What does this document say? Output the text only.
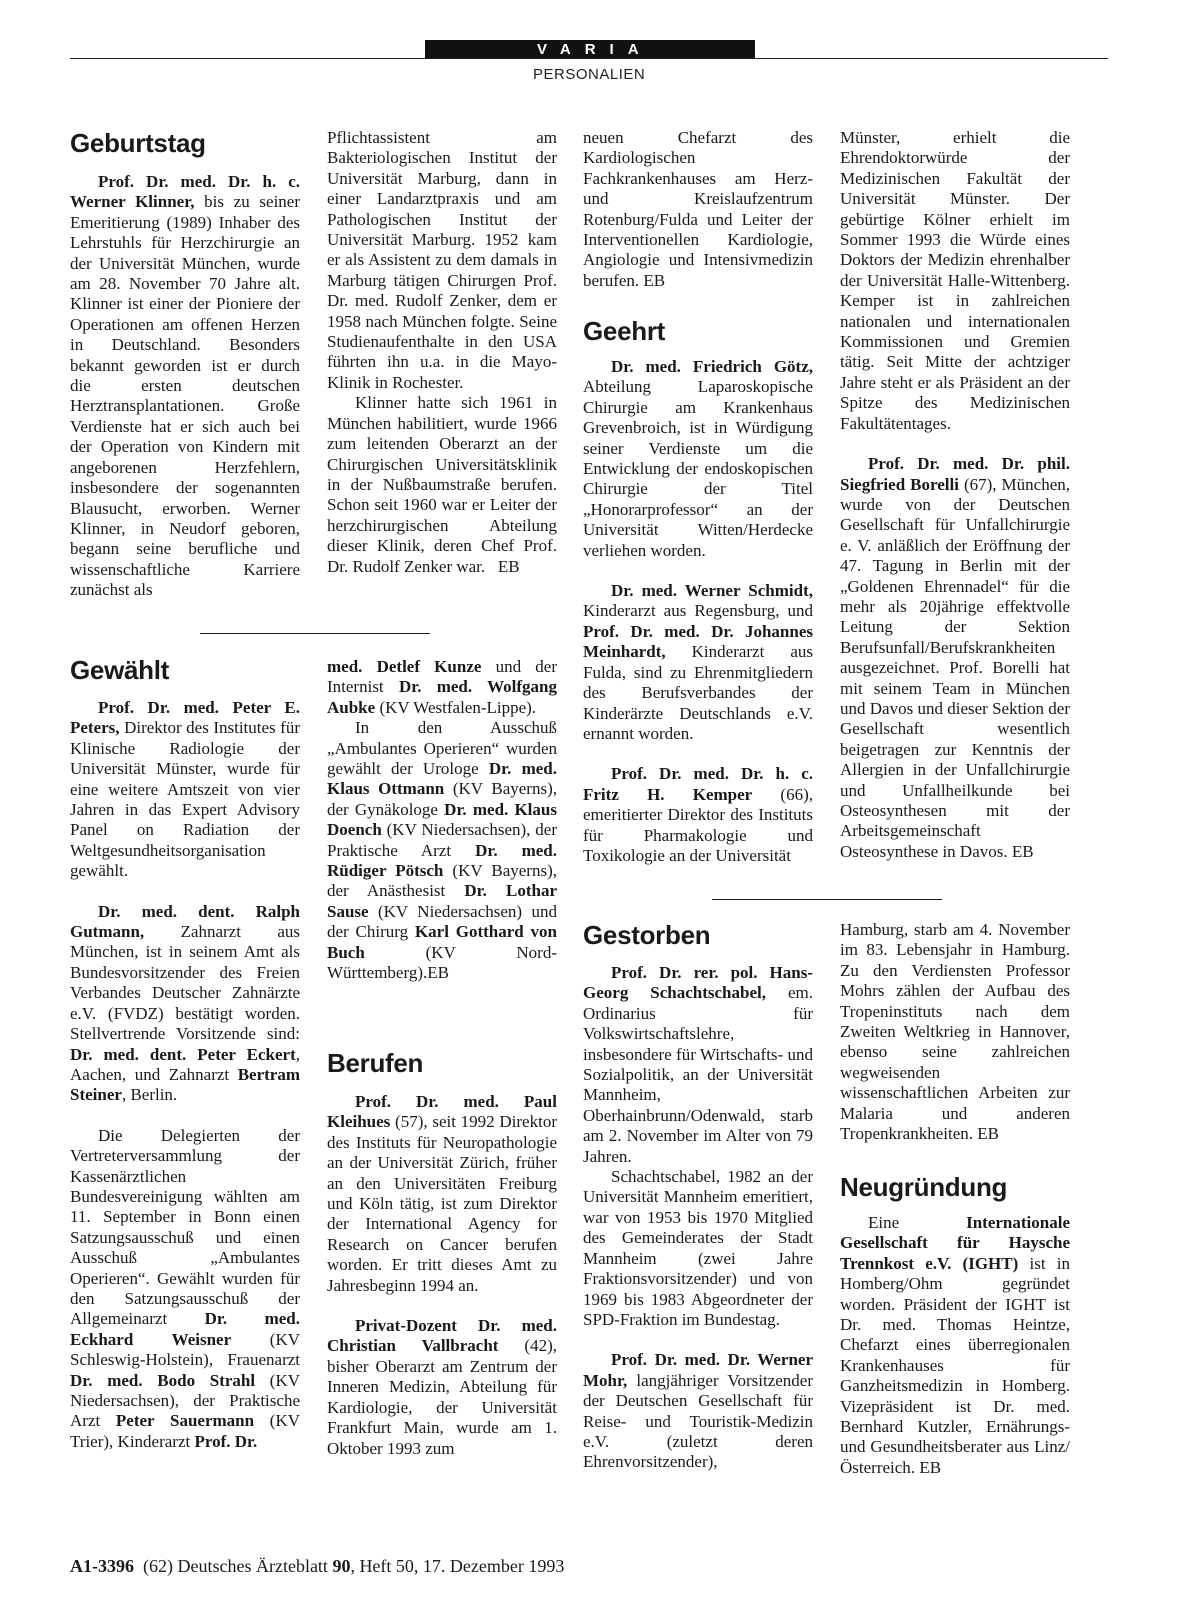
VARIA
PERSONALIEN
Geburtstag

Prof. Dr. med. Dr. h. c. Werner Klinner, bis zu seiner Emeritierung (1989) Inhaber des Lehrstuhls für Herzchirurgie an der Universität München, wurde am 28. November 70 Jahre alt. Klinner ist einer der Pioniere der Operationen am offenen Herzen in Deutschland. Besonders bekannt geworden ist er durch die ersten deutschen Herztransplantationen. Große Verdienste hat er sich auch bei der Operation von Kindern mit angeborenen Herzfehlern, insbesondere der sogenannten Blausucht, erworben. Werner Klinner, in Neudorf geboren, begann seine berufliche und wissenschaftliche Karriere zunächst als

Gewählt

Prof. Dr. med. Peter E. Peters, Direktor des Institutes für Klinische Radiologie der Universität Münster, wurde für eine weitere Amtszeit von vier Jahren in das Expert Advisory Panel on Radiation der Weltgesundheitsorganisation gewählt.

Dr. med. dent. Ralph Gutmann, Zahnarzt aus München, ist in seinem Amt als Bundesvorsitzender des Freien Verbandes Deutscher Zahnärzte e.V. (FVDZ) bestätigt worden. Stellvertrende Vorsitzende sind: Dr. med. dent. Peter Eckert, Aachen, und Zahnarzt Bertram Steiner, Berlin.

Die Delegierten der Vertreterversammlung der Kassenärztlichen Bundesvereinigung wählten am 11. September in Bonn einen Satzungsausschuß und einen Ausschuß „Ambulantes Operieren“. Gewählt wurden für den Satzungsausschuß der Allgemeinarzt Dr. med. Eckhard Weisner (KV Schleswig-Holstein), Frauenarzt Dr. med. Bodo Strahl (KV Niedersachsen), der Praktische Arzt Peter Sauermann (KV Trier), Kinderarzt Prof. Dr.

Pflichtassistent am Bakteriologischen Institut der Universität Marburg, dann in einer Landarztpraxis und am Pathologischen Institut der Universität Marburg. 1952 kam er als Assistent zu dem damals in Marburg tätigen Chirurgen Prof. Dr. med. Rudolf Zenker, dem er 1958 nach München folgte. Seine Studienaufenthalte in den USA führten ihn u.a. in die Mayo-Klinik in Rochester.

Klinner hatte sich 1961 in München habilitiert, wurde 1966 zum leitenden Oberarzt an der Chirurgischen Universitätsklinik in der Nußbaumstraße berufen. Schon seit 1960 war er Leiter der herzchirurgischen Abteilung dieser Klinik, deren Chef Prof. Dr. Rudolf Zenker war. EB

med. Detlef Kunze und der Internist Dr. med. Wolfgang Aubke (KV Westfalen-Lippe).

In den Ausschuß „Ambulantes Operieren“ wurden gewählt der Urologe Dr. med. Klaus Ottmann (KV Bayerns), der Gynäkologe Dr. med. Klaus Doench (KV Niedersachsen), der Praktische Arzt Dr. med. Rüdiger Pötsch (KV Bayerns), der Anästhesist Dr. Lothar Sause (KV Niedersachsen) und der Chirurg Karl Gotthard von Buch (KV Nord-Württemberg).EB

Berufen

Prof. Dr. med. Paul Kleihues (57), seit 1992 Direktor des Instituts für Neuropathologie an der Universität Zürich, früher an den Universitäten Freiburg und Köln tätig, ist zum Direktor der International Agency for Research on Cancer berufen worden. Er tritt dieses Amt zu Jahresbeginn 1994 an.

Privat-Dozent Dr. med. Christian Vallbracht (42), bisher Oberarzt am Zentrum der Inneren Medizin, Abteilung für Kardiologie, der Universität Frankfurt Main, wurde am 1. Oktober 1993 zum

neuen Chefarzt des Kardiologischen Fachkrankenhauses am Herz- und Kreislaufzentrum Rotenburg/Fulda und Leiter der Interventionellen Kardiologie, Angiologie und Intensivmedizin berufen. EB

Geehrt

Dr. med. Friedrich Götz, Abteilung Laparoskopische Chirurgie am Krankenhaus Grevenbroich, ist in Würdigung seiner Verdienste um die Entwicklung der endoskopischen Chirurgie der Titel „Honorarprofessor“ an der Universität Witten/Herdecke verliehen worden.

Dr. med. Werner Schmidt, Kinderarzt aus Regensburg, und Prof. Dr. med. Dr. Johannes Meinhardt, Kinderarzt aus Fulda, sind zu Ehrenmitgliedern des Berufsverbandes der Kinderärzte Deutschlands e.V. ernannt worden.

Prof. Dr. med. Dr. h. c. Fritz H. Kemper (66), emeritierter Direktor des Instituts für Pharmakologie und Toxikologie an der Universität

Gestorben

Prof. Dr. rer. pol. Hans-Georg Schachtschabel, em. Ordinarius für Volkswirtschaftslehre, insbesondere für Wirtschafts- und Sozialpolitik, an der Universität Mannheim, Oberhainbrunn/Odenwald, starb am 2. November im Alter von 79 Jahren.

Schachtschabel, 1982 an der Universität Mannheim emeritiert, war von 1953 bis 1970 Mitglied des Gemeinderates der Stadt Mannheim (zwei Jahre Fraktionsvorsitzender) und von 1969 bis 1983 Abgeordneter der SPD-Fraktion im Bundestag.

Prof. Dr. med. Dr. Werner Mohr, langjähriger Vorsitzender der Deutschen Gesellschaft für Reise- und Touristik-Medizin e.V. (zuletzt deren Ehrenvorsitzender),

Münster, erhielt die Ehrendoktorwürde der Medizinischen Fakultät der Universität Münster. Der gebürtige Kölner erhielt im Sommer 1993 die Würde eines Doktors der Medizin ehrenhalber der Universität Halle-Wittenberg. Kemper ist in zahlreichen nationalen und internationalen Kommissionen und Gremien tätig. Seit Mitte der achtziger Jahre steht er als Präsident an der Spitze des Medizinischen Fakultätentages.

Prof. Dr. med. Dr. phil. Siegfried Borelli (67), München, wurde von der Deutschen Gesellschaft für Unfallchirurgie e. V. anläßlich der Eröffnung der 47. Tagung in Berlin mit der „Goldenen Ehrennadel“ für die mehr als 20jährige effektvolle Leitung der Sektion Berufsunfall/Berufskrankheiten ausgezeichnet. Prof. Borelli hat mit seinem Team in München und Davos und dieser Sektion der Gesellschaft wesentlich beigetragen zur Kenntnis der Allergien in der Unfallchirurgie und Unfallheilkunde bei Osteosynthesen mit der Arbeitsgemeinschaft Osteosynthese in Davos. EB

Hamburg, starb am 4. November im 83. Lebensjahr in Hamburg. Zu den Verdiensten Professor Mohrs zählen der Aufbau des Tropeninstituts nach dem Zweiten Weltkrieg in Hannover, ebenso seine zahlreichen wegweisenden wissenschaftlichen Arbeiten zur Malaria und anderen Tropenkrankheiten. EB

Neugründung

Eine Internationale Gesellschaft für Haysche Trennkost e.V. (IGHT) ist in Homberg/Ohm gegründet worden. Präsident der IGHT ist Dr. med. Thomas Heintze, Chefarzt eines überregionalen Krankenhauses für Ganzheitsmedizin in Homberg. Vizepräsident ist Dr. med. Bernhard Kutzler, Ernährungs- und Gesundheitsberater aus Linz/Österreich. EB

A1-3396 (62) Deutsches Ärzteblatt 90, Heft 50, 17. Dezember 1993
